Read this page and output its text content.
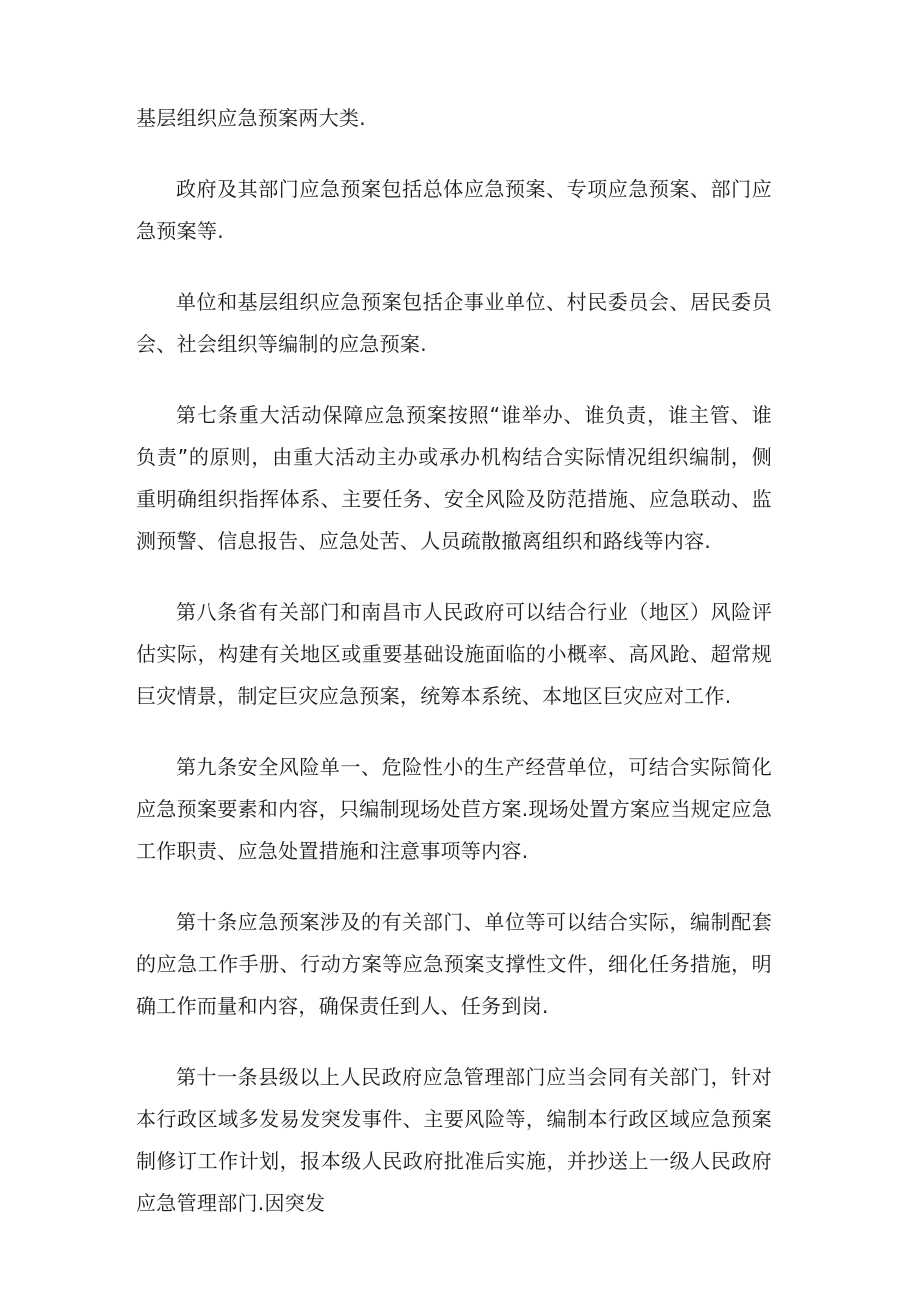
基层组织应急预案两大类.

政府及其部门应急预案包括总体应急预案、专项应急预案、部门应急预案等.

单位和基层组织应急预案包括企事业单位、村民委员会、居民委员会、社会组织等编制的应急预案.

第七条重大活动保障应急预案按照“谁举办、谁负责，谁主管、谁负责”的原则，由重大活动主办或承办机构结合实际情况组织编制，侧重明确组织指挥体系、主要任务、安全风险及防范措施、应急联动、监测预警、信息报告、应急处苦、人员疏散撤离组织和路线等内容.

第八条省有关部门和南昌市人民政府可以结合行业（地区）风险评估实际，构建有关地区或重要基础设施面临的小概率、高风跄、超常规巨灾情景，制定巨灾应急预案，统筹本系统、本地区巨灾应对工作.

第九条安全风险单一、危险性小的生产经营单位，可结合实际简化应急预案要素和内容，只编制现场处苣方案.现场处置方案应当规定应急工作职责、应急处置措施和注意事项等内容.

第十条应急预案涉及的有关部门、单位等可以结合实际，编制配套的应急工作手册、行动方案等应急预案支撑性文件，细化任务措施，明确工作而量和内容，确保责任到人、任务到岗.

第十一条县级以上人民政府应急管理部门应当会同有关部门，针对本行政区域多发易发突发事件、主要风险等，编制本行政区域应急预案制修订工作计划，报本级人民政府批准后实施，并抄送上一级人民政府应急管理部门.因突发
